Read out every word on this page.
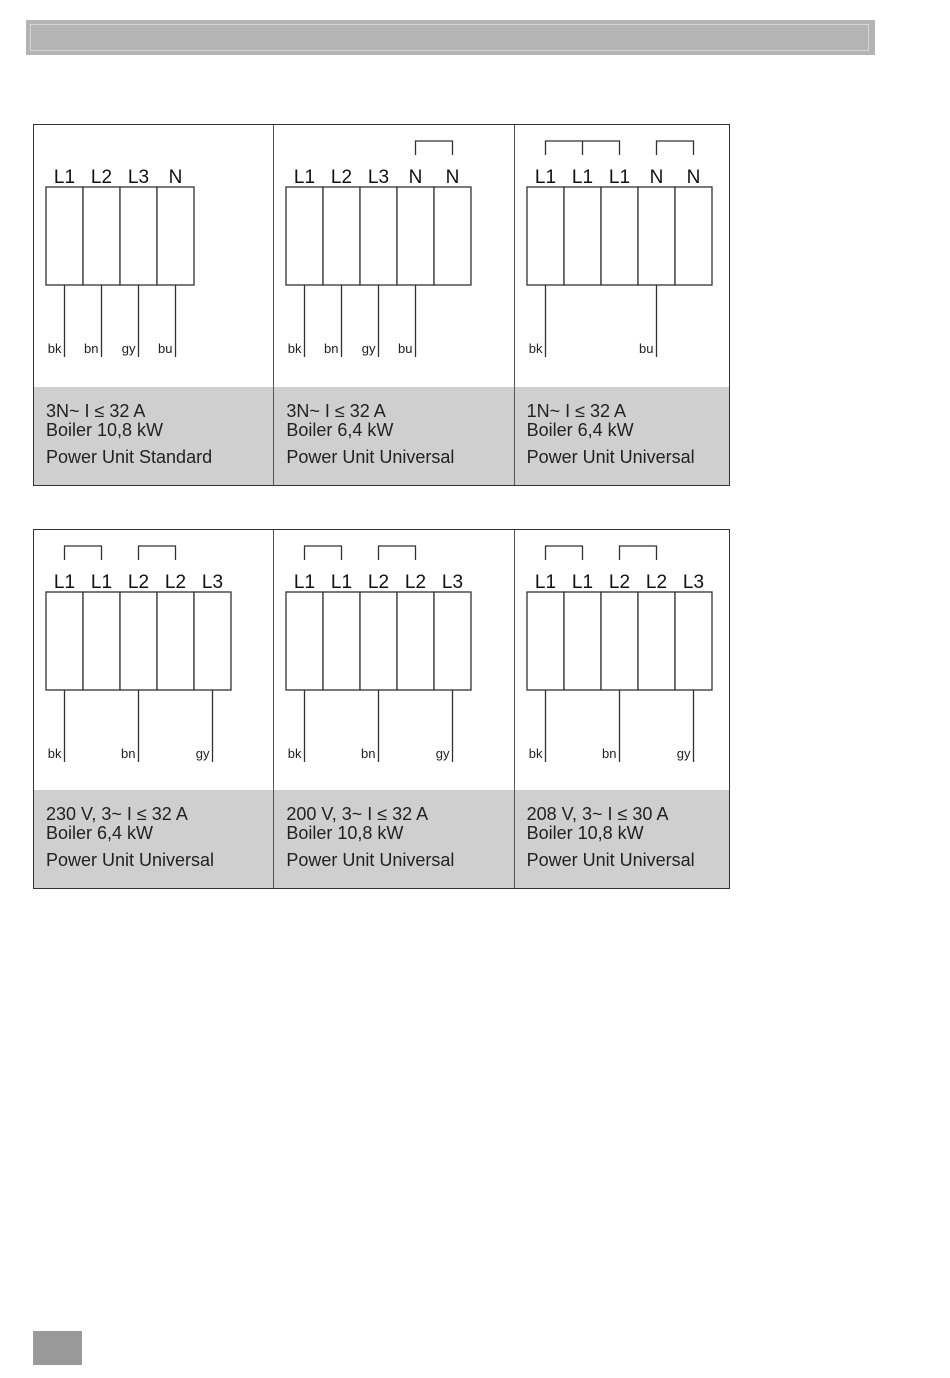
L1 L2 L3 N
bk bn gy bu
3N~ I ≤ 32 A
Boiler 10,8 kW
Power Unit Standard
L1 L2 L3 N N
bk bn gy bu
3N~ I ≤ 32 A
Boiler 6,4 kW
Power Unit Universal
L1 L1 L1 N N
bk	bu
1N~ I ≤ 32 A
Boiler 6,4 kW
Power Unit Universal
L1 L1 L2 L2 L3
bk	bn	gy
230 V, 3~ I ≤ 32 A
Boiler 6,4 kW
Power Unit Universal
L1 L1 L2 L2 L3
bk	bn	gy
200 V, 3~ I ≤ 32 A
Boiler 10,8 kW
Power Unit Universal
L1 L1 L2 L2 L3
bk	bn	gy
208 V, 3~ I ≤ 30 A
Boiler 10,8 kW
Power Unit Universal
